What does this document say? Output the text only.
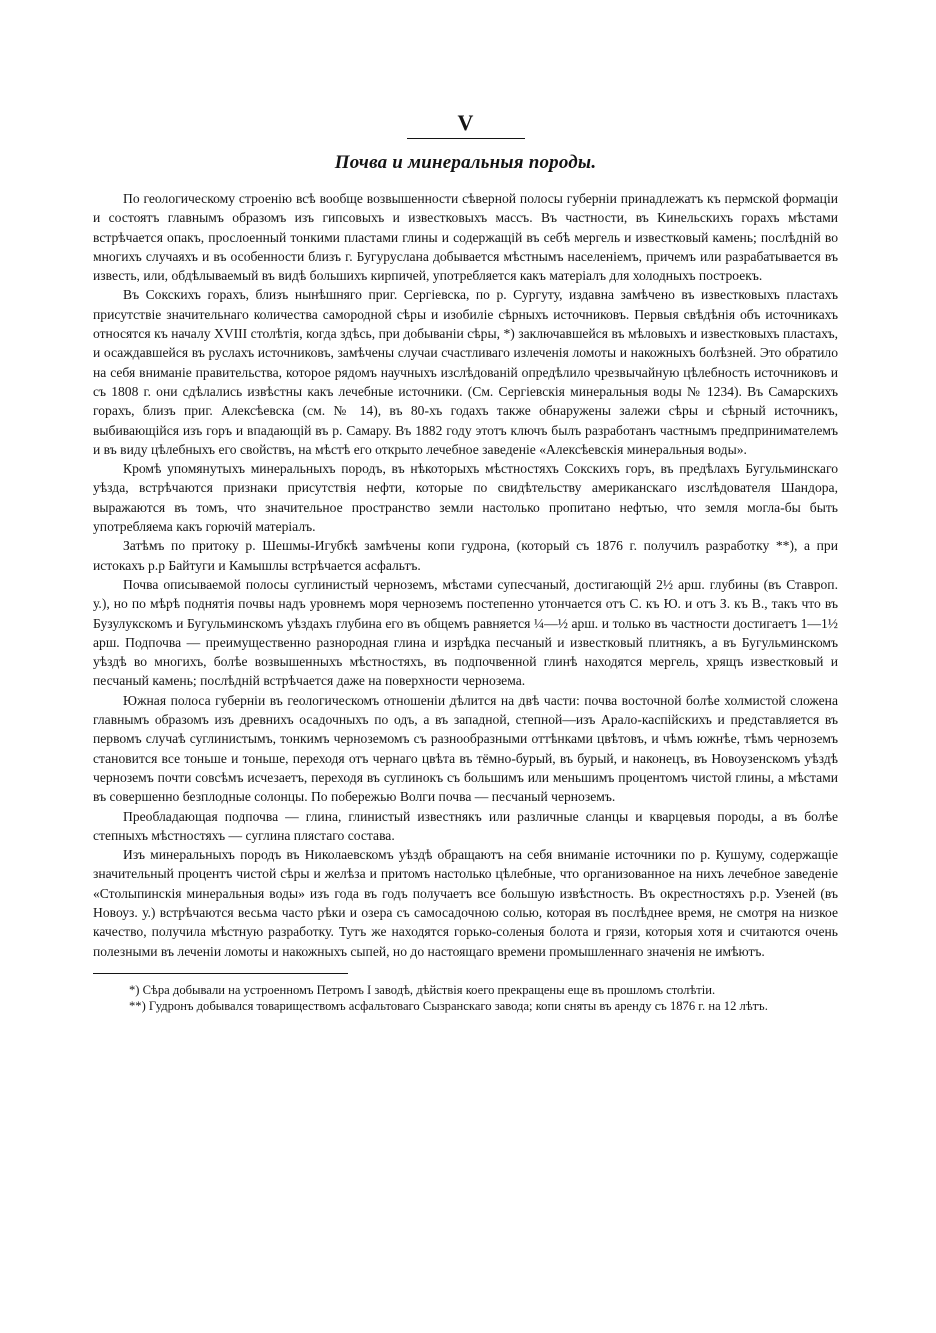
V
Почва и минеральныя породы.

По геологическому строенію всѣ вообще возвышенности сѣверной полосы губерніи принадлежатъ къ пермской формаціи и состоятъ главнымъ образомъ изъ гипсовыхъ и известковыхъ массъ. Въ частности, въ Кинельскихъ горахъ мѣстами встрѣчается опакъ, прослоенный тонкими пластами глины и содержащій въ себѣ мергель и известковый камень; послѣдній во многихъ случаяхъ и въ особенности близъ г. Бугуруслана добывается мѣстнымъ населеніемъ, причемъ или разрабатывается въ известь, или, обдѣлываемый въ видѣ большихъ кирпичей, употребляется какъ матеріалъ для холодныхъ построекъ.

Въ Сокскихъ горахъ, близъ нынѣшняго приг. Сергіевска, по р. Сургуту, издавна замѣчено въ известковыхъ пластахъ присутствіе значительнаго количества самородной сѣры и изобиліе сѣрныхъ источниковъ. Первыя свѣдѣнія объ источникахъ относятся къ началу XVIII столѣтія, когда здѣсь, при добываніи сѣры, *) заключавшейся въ мѣловыхъ и известковыхъ пластахъ, и осаждавшейся въ руслахъ источниковъ, замѣчены случаи счастливаго излеченія ломоты и накожныхъ болѣзней. Это обратило на себя вниманіе правительства, которое рядомъ научныхъ изслѣдованій опредѣлило чрезвычайную цѣлебность источниковъ и съ 1808 г. они сдѣлались извѣстны какъ лечебные источники. (См. Сергіевскія минеральныя воды № 1234). Въ Самарскихъ горахъ, близъ приг. Алексѣевска (см. № 14), въ 80-хъ годахъ также обнаружены залежи сѣры и сѣрный источникъ, выбивающійся изъ горъ и впадающій въ р. Самару. Въ 1882 году этотъ ключъ былъ разработанъ частнымъ предпринимателемъ и въ виду цѣлебныхъ его свойствъ, на мѣстѣ его открыто лечебное заведеніе «Алексѣевскія минеральныя воды».

Кромѣ упомянутыхъ минеральныхъ породъ, въ нѣкоторыхъ мѣстностяхъ Сокскихъ горъ, въ предѣлахъ Бугульминскаго уѣзда, встрѣчаются признаки присутствія нефти, которые по свидѣтельству американскаго изслѣдователя Шандора, выражаются въ томъ, что значительное пространство земли настолько пропитано нефтью, что земля могла-бы быть употребляема какъ горючій матеріалъ.

Затѣмъ по притоку р. Шешмы-Игубкѣ замѣчены копи гудрона, (который съ 1876 г. получилъ разработку **), а при истокахъ р.р Байтуги и Камышлы встрѣчается асфальтъ.

Почва описываемой полосы суглинистый черноземъ, мѣстами супесчаный, достигающій 2½ арш. глубины (въ Ставроп. у.), но по мѣрѣ поднятія почвы надъ уровнемъ моря черноземъ постепенно утончается отъ С. къ Ю. и отъ З. къ В., такъ что въ Бузулукскомъ и Бугульминскомъ уѣздахъ глубина его въ общемъ равняется ¼—½ арш. и только въ частности достигаетъ 1—1½ арш. Подпочва — преимущественно разнородная глина и изрѣдка песчаный и известковый плитнякъ, а въ Бугульминскомъ уѣздѣ во многихъ, болѣе возвышенныхъ мѣстностяхъ, въ подпочвенной глинѣ находятся мергель, хрящъ известковый и песчаный камень; послѣдній встрѣчается даже на поверхности чернозема.

Южная полоса губерніи въ геологическомъ отношеніи дѣлится на двѣ части: почва восточной болѣе холмистой сложена главнымъ образомъ изъ древнихъ осадочныхъ по одъ, а въ западной, степной—изъ Арало-каспійскихъ и представляется въ первомъ случаѣ суглинистымъ, тонкимъ черноземомъ съ разнообразными оттѣнками цвѣтовъ, и чѣмъ южнѣе, тѣмъ черноземъ становится все тоньше и тоньше, переходя отъ чернаго цвѣта въ тёмно-бурый, въ бурый, и наконецъ, въ Новоузенскомъ уѣздѣ черноземъ почти совсѣмъ исчезаетъ, переходя въ суглинокъ съ большимъ или меньшимъ процентомъ чистой глины, а мѣстами въ совершенно безплодные солонцы. По побережью Волги почва — песчаный черноземъ.

Преобладающая подпочва — глина, глинистый известнякъ или различные сланцы и кварцевыя породы, а въ болѣе степныхъ мѣстностяхъ — суглина плястаго состава.

Изъ минеральныхъ породъ въ Николаевскомъ уѣздѣ обращаютъ на себя вниманіе источники по р. Кушуму, содержащіе значительный процентъ чистой сѣры и желѣза и притомъ настолько цѣлебные, что организованное на нихъ лечебное заведеніе «Столыпинскія минеральныя воды» изъ года въ годъ получаетъ все большую извѣстность. Въ окрестностяхъ р.р. Узеней (въ Новоуз. у.) встрѣчаются весьма часто рѣки и озера съ самосадочною солью, которая въ послѣднее время, не смотря на низкое качество, получила мѣстную разработку. Тутъ же находятся горько-соленыя болота и грязи, которыя хотя и считаются очень полезными въ леченіи ломоты и накожныхъ сыпей, но до настоящаго времени промышленнаго значенія не имѣютъ.

*) Сѣра добывали на устроенномъ Петромъ I заводѣ, дѣйствія коего прекращены еще въ прошломъ столѣтіи.

**) Гудронъ добывался товариществомъ асфальтоваго Сызранскаго завода; копи сняты въ аренду съ 1876 г. на 12 лѣтъ.
